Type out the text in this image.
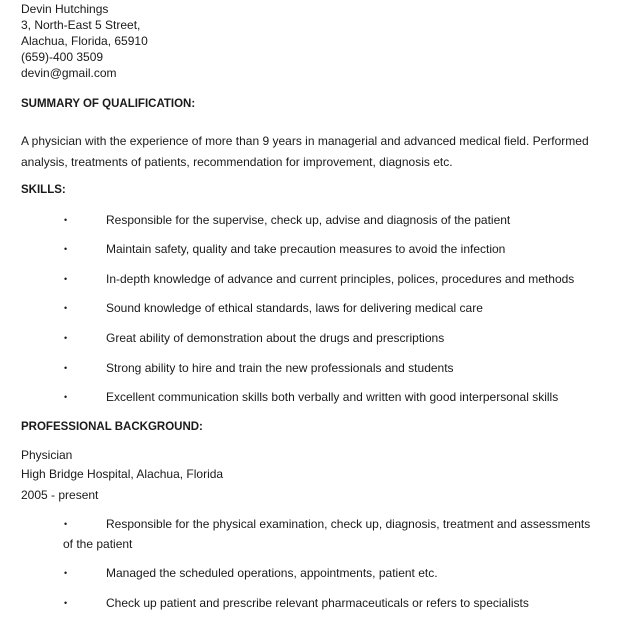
Devin Hutchings
3, North-East 5 Street,
Alachua, Florida, 65910
(659)-400 3509
devin@gmail.com
SUMMARY OF QUALIFICATION:
A physician with the experience of more than 9 years in managerial and advanced medical field. Performed analysis, treatments of patients, recommendation for improvement, diagnosis etc.
SKILLS:
•	Responsible for the supervise, check up, advise and diagnosis of the patient
•	Maintain safety, quality and take precaution measures to avoid the infection
•	In-depth knowledge of advance and current principles, polices, procedures and methods
•	Sound knowledge of ethical standards, laws for delivering medical care
•	Great ability of demonstration about the drugs and prescriptions
•	Strong ability to hire and train the new professionals and students
•	Excellent communication skills both verbally and written with good interpersonal skills
PROFESSIONAL BACKGROUND:
Physician
High Bridge Hospital, Alachua, Florida
2005 - present
•	Responsible for the physical examination, check up, diagnosis, treatment and assessments
of the patient
•	Managed the scheduled operations, appointments, patient etc.
•	Check up patient and prescribe relevant pharmaceuticals or refers to specialists
